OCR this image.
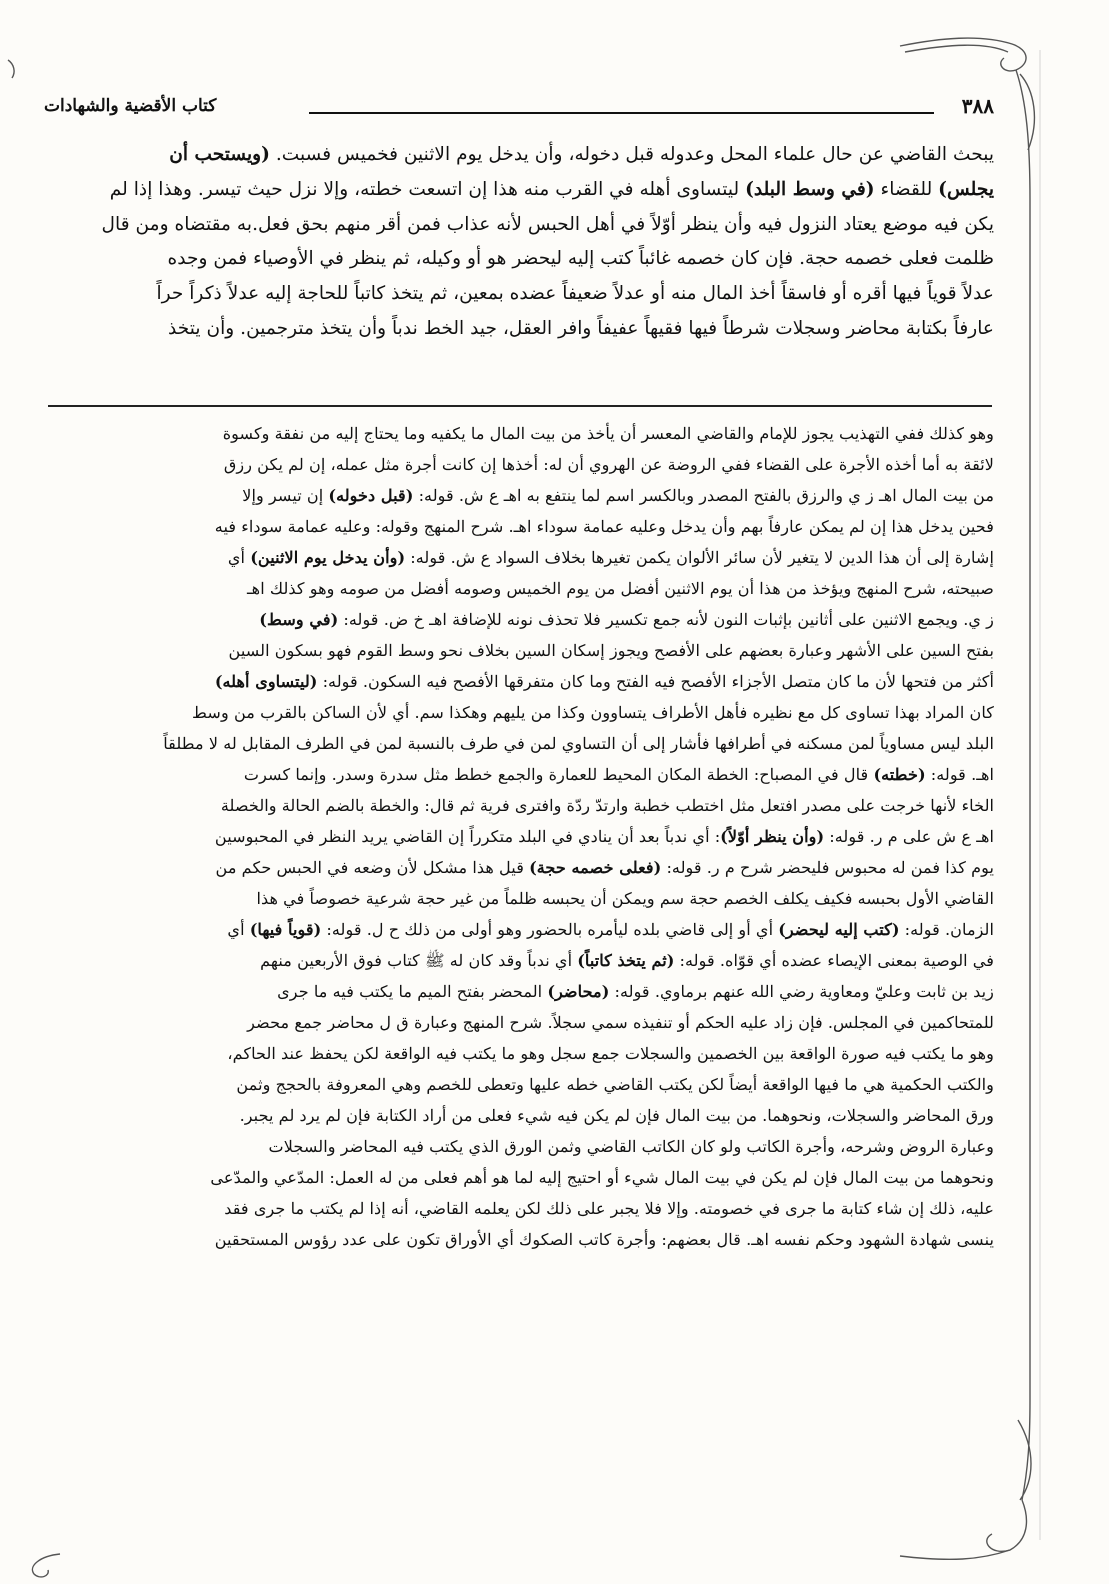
٣٨٨
كتاب الأقضية والشهادات
يبحث القاضي عن حال علماء المحل وعدوله قبل دخوله، وأن يدخل يوم الاثنين فخميس فسبت. (ويستحب أن
يجلس) للقضاء (في وسط البلد) ليتساوى أهله في القرب منه هذا إن اتسعت خطته، وإلا نزل حيث تيسر. وهذا إذا لم
يكن فيه موضع يعتاد النزول فيه وأن ينظر أوّلاً في أهل الحبس لأنه عذاب فمن أقر منهم بحق فعل.به مقتضاه ومن قال
ظلمت فعلى خصمه حجة. فإن كان خصمه غائباً كتب إليه ليحضر هو أو وكيله، ثم ينظر في الأوصياء فمن وجده
عدلاً قوياً فيها أقره أو فاسقاً أخذ المال منه أو عدلاً ضعيفاً عضده بمعين، ثم يتخذ كاتباً للحاجة إليه عدلاً ذكراً حراً
عارفاً بكتابة محاضر وسجلات شرطاً فيها فقيهاً عفيفاً وافر العقل، جيد الخط ندباً وأن يتخذ مترجمين. وأن يتخذ
وهو كذلك ففي التهذيب يجوز للإمام والقاضي المعسر أن يأخذ من بيت المال ما يكفيه وما يحتاج إليه من نفقة وكسوة
لائقة به أما أخذه الأجرة على القضاء ففي الروضة عن الهروي أن له: أخذها إن كانت أجرة مثل عمله، إن لم يكن رزق
من بيت المال اهـ ز ي والرزق بالفتح المصدر وبالكسر اسم لما ينتفع به اهـ ع ش. قوله: (قبل دخوله) إن تيسر وإلا
فحين يدخل هذا إن لم يمكن عارفاً بهم وأن يدخل وعليه عمامة سوداء اهـ. شرح المنهج وقوله: وعليه عمامة سوداء فيه
إشارة إلى أن هذا الدين لا يتغير لأن سائر الألوان يكمن تغيرها بخلاف السواد ع ش. قوله: (وأن يدخل يوم الاثنين) أي
صبيحته، شرح المنهج ويؤخذ من هذا أن يوم الاثنين أفضل من يوم الخميس وصومه أفضل من صومه وهو كذلك اهـ
ز ي. ويجمع الاثنين على أثانين بإثبات النون لأنه جمع تكسير فلا تحذف نونه للإضافة اهـ خ ض. قوله: (في وسط)
بفتح السين على الأشهر وعبارة بعضهم على الأفصح ويجوز إسكان السين بخلاف نحو وسط القوم فهو بسكون السين
أكثر من فتحها لأن ما كان متصل الأجزاء الأفصح فيه الفتح وما كان متفرقها الأفصح فيه السكون. قوله: (ليتساوى أهله)
كان المراد بهذا تساوى كل مع نظيره فأهل الأطراف يتساوون وكذا من يليهم وهكذا سم. أي لأن الساكن بالقرب من وسط
البلد ليس مساوياً لمن مسكنه في أطرافها فأشار إلى أن التساوي لمن في طرف بالنسبة لمن في الطرف المقابل له لا مطلقاً
اهـ. قوله: (خطته) قال في المصباح: الخطة المكان المحيط للعمارة والجمع خطط مثل سدرة وسدر. وإنما كسرت
الخاء لأنها خرجت على مصدر افتعل مثل اختطب خطبة وارتدّ ردّة وافترى فرية ثم قال: والخطة بالضم الحالة والخصلة
اهـ ع ش على م ر. قوله: (وأن ينظر أوّلاً): أي ندباً بعد أن ينادي في البلد متكرراً إن القاضي يريد النظر في المحبوسين
يوم كذا فمن له محبوس فليحضر شرح م ر. قوله: (فعلى خصمه حجة) قيل هذا مشكل لأن وضعه في الحبس حكم من
القاضي الأول بحبسه فكيف يكلف الخصم حجة سم ويمكن أن يحبسه ظلماً من غير حجة شرعية خصوصاً في هذا
الزمان. قوله: (كتب إليه ليحضر) أي أو إلى قاضي بلده ليأمره بالحضور وهو أولى من ذلك ح ل. قوله: (قوياً فيها) أي
في الوصية بمعنى الإيصاء عضده أي قوّاه. قوله: (ثم يتخذ كاتباً) أي ندباً وقد كان له ﷺ كتاب فوق الأربعين منهم
زيد بن ثابت وعليّ ومعاوية رضي الله عنهم برماوي. قوله: (محاضر) المحضر بفتح الميم ما يكتب فيه ما جرى
للمتحاكمين في المجلس. فإن زاد عليه الحكم أو تنفيذه سمي سجلاً. شرح المنهج وعبارة ق ل محاضر جمع محضر
وهو ما يكتب فيه صورة الواقعة بين الخصمين والسجلات جمع سجل وهو ما يكتب فيه الواقعة لكن يحفظ عند الحاكم،
والكتب الحكمية هي ما فيها الواقعة أيضاً لكن يكتب القاضي خطه عليها وتعطى للخصم وهي المعروفة بالحجج وثمن
ورق المحاضر والسجلات، ونحوهما. من بيت المال فإن لم يكن فيه شيء فعلى من أراد الكتابة فإن لم يرد لم يجبر.
وعبارة الروض وشرحه، وأجرة الكاتب ولو كان الكاتب القاضي وثمن الورق الذي يكتب فيه المحاضر والسجلات
ونحوهما من بيت المال فإن لم يكن في بيت المال شيء أو احتيج إليه لما هو أهم فعلى من له العمل: المدّعي والمدّعى
عليه، ذلك إن شاء كتابة ما جرى في خصومته. وإلا فلا يجبر على ذلك لكن يعلمه القاضي، أنه إذا لم يكتب ما جرى فقد
ينسى شهادة الشهود وحكم نفسه اهـ. قال بعضهم: وأجرة كاتب الصكوك أي الأوراق تكون على عدد رؤوس المستحقين
